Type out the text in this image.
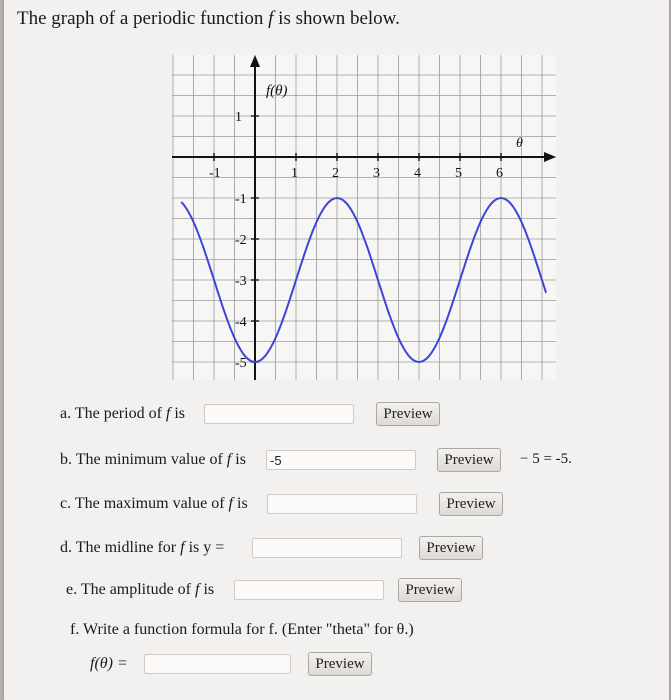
The graph of a periodic function f is shown below.
-1	1 2 3 4 5 6
1
-1
-2
-3
-4
-5
f(θ)
θ
a. The period of f is	Preview
b. The minimum value of f is	-5	Preview	− 5 = -5.
c. The maximum value of f is	Preview
d. The midline for f is y =	Preview
e. The amplitude of f is	Preview
f. Write a function formula for f. (Enter "theta" for θ.)
f(θ) =	Preview
